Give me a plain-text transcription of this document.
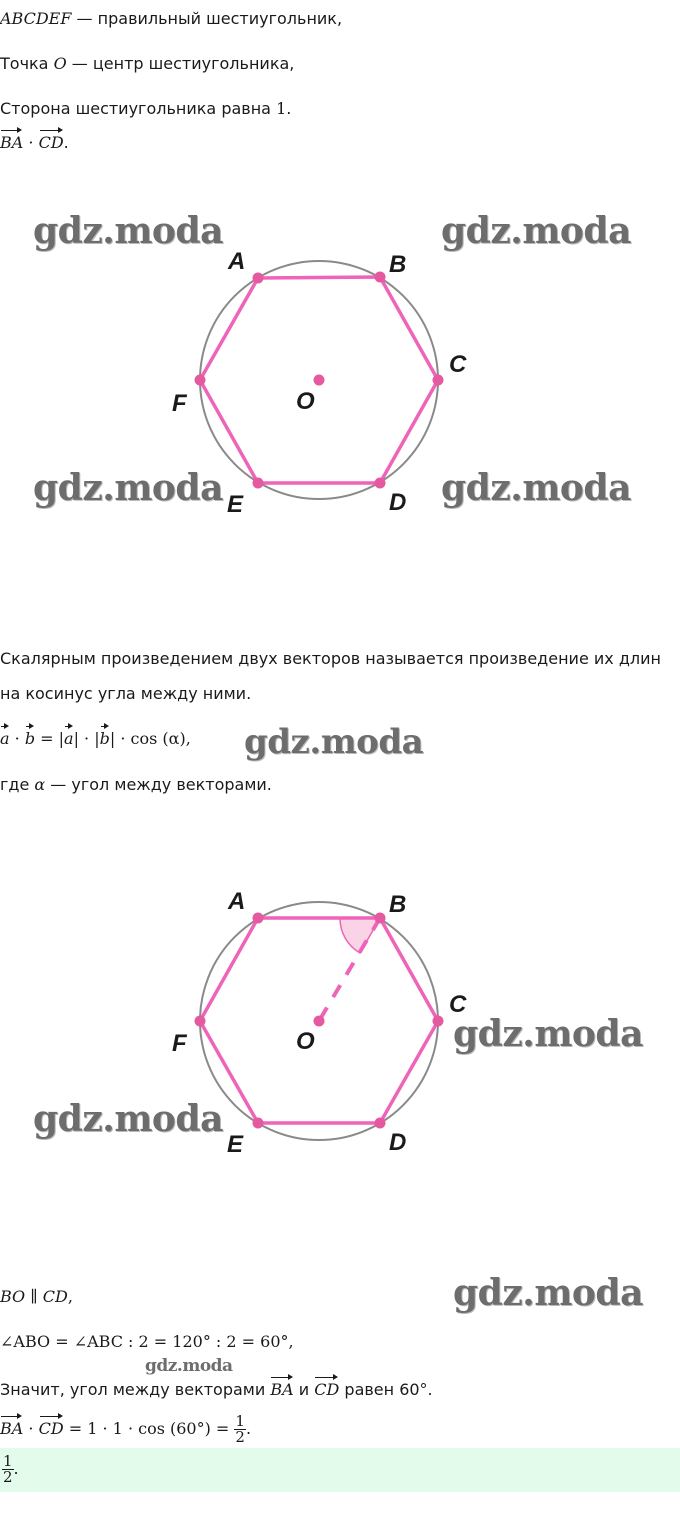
ABCDEF — правильный шестиугольник,
Точка O — центр шестиугольника,
Сторона шестиугольника равна 1.
BA · CD.
A	B
C
D
E
F	O
gdz.moda	gdz.moda
gdz.moda	gdz.moda
Скалярным произведением двух векторов называется произведение их длин
на косинус угла между ними.
a · b = |a| · |b| · cos (α), gdz.moda
где α — угол между векторами.
A	B
C
D
E
F	O	gdz.moda
gdz.moda
BO ∥ CD,	gdz.moda
∠ABO = ∠ABC : 2 = 120° : 2 = 60°,
gdz.moda
Значит, угол между векторами BA и CD равен 60°.
BA · CD = $1 \cdot 1 \cdot \cos (60^\circ) = \frac{1}{2}$ .
$\frac{1}{2}$ .
